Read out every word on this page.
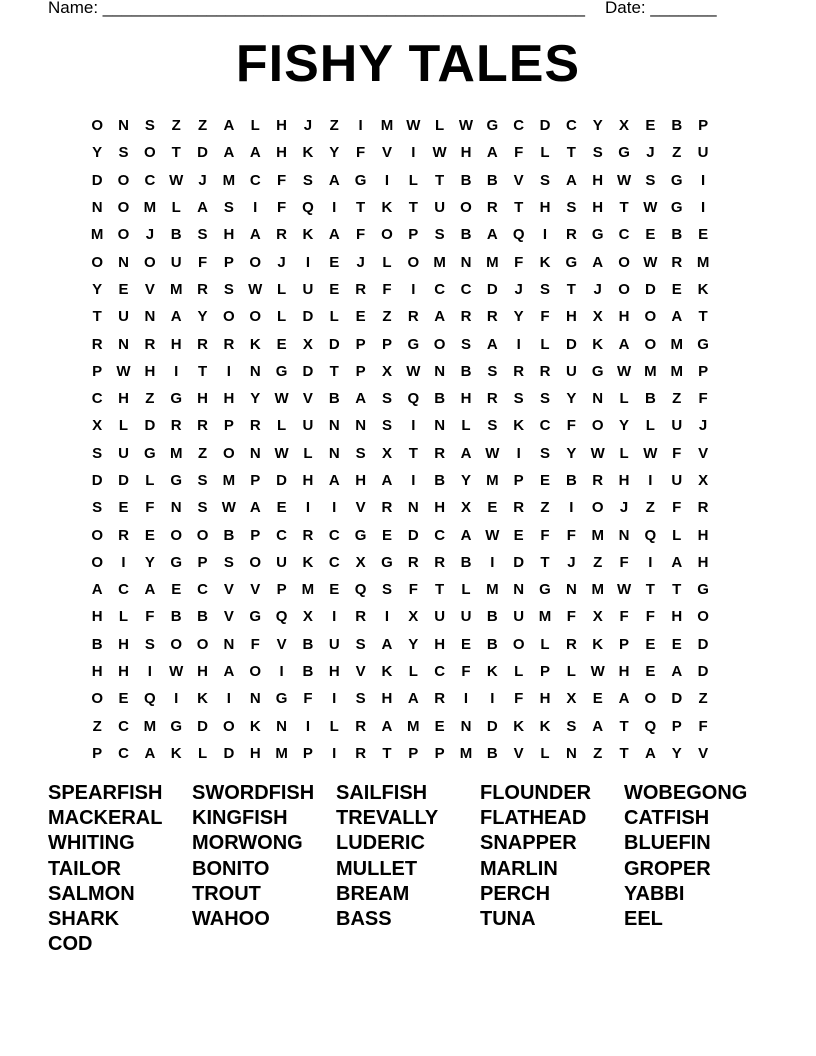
Name: ___________________________________________________ Date: _______
FISHY TALES
O	N	S	Z	Z	A	L	H	J	Z	I	M W L W G	C	D	C	Y	X	E	B	P
Y	S	O	T	D	A	A	H	K	Y	F	V	I	W H	A	F	L	T	S	G	J	Z	U
D	O	C W	J	M C	F	S	A	G	I	L	T	B	B	V	S	A	H W S	G	I
N	O M	L	A	S	I	F	Q	I	T	K	T	U	O	R	T	H	S	H	T W G	I
M O	J	B	S	H	A	R	K	A	F	O	P	S	B	A	Q	I	R	G	C	E	B	E
O	N	O	U	F	P	O	J	I	E	J	L	O M N M	F	K	G	A	O W R M
Y	E	V	M R	S W L	U	E	R	F	I	C	C	D	J	S	T	J	O	D	E	K
T	U	N	A	Y	O O	L	D	L	E	Z	R	A	R	R	Y	F	H	X	H	O	A	T
R	N	R	H	R	R	K	E	X	D	P	P	G O	S	A	I	L	D	K	A	O M G
P W H	I	T	I	N	G	D	T	P	X W N	B	S	R	R	U	G W M M	P
C	H	Z	G	H	H	Y W V	B	A	S	Q	B	H	R	S	S	Y	N	L	B	Z	F
X	L	D	R	R	P	R	L	U	N	N	S	I	N	L	S	K	C	F	O	Y	L	U	J
S	U	G M	Z	O	N W L	N	S	X	T	R	A W	I	S	Y W L W F	V
D	D	L	G	S	M	P	D	H	A	H	A	I	B	Y	M	P	E	B	R	H	I	U	X
S	E	F	N	S W A	E	I	I	V	R	N	H	X	E	R	Z	I	O	J	Z	F	R
O	R	E	O O	B	P	C	R	C	G	E	D	C	A W E	F	F	M N	Q	L	H
O	I	Y	G	P	S	O	U	K	C	X	G	R	R	B	I	D	T	J	Z	F	I	A	H
A	C	A	E	C	V	V	P	M	E	Q	S	F	T	L	M N	G	N M W T	T	G
H	L	F	B	B	V	G Q	X	I	R	I	X	U	U	B	U M	F	X	F	F	H	O
B	H	S	O O	N	F	V	B	U	S	A	Y	H	E	B	O	L	R	K	P	E	E	D
H	H	I	W H	A	O	I	B	H	V	K	L	C	F	K	L	P	L W H	E	A	D
O	E	Q	I	K	I	N	G	F	I	S	H	A	R	I	I	F	H	X	E	A	O	D	Z
Z	C M G	D	O	K	N	I	L	R	A M	E	N	D	K	K	S	A	T	Q	P	F
P	C	A	K	L	D	H M	P	I	R	T	P	P	M B	V	L	N	Z	T	A	Y	V
SPEARFISH	SWORDFISH	SAILFISH	FLOUNDER	WOBEGONG
MACKERAL	KINGFISH	TREVALLY	FLATHEAD	CATFISH
WHITING	MORWONG	LUDERIC	SNAPPER	BLUEFIN
TAILOR	BONITO	MULLET	MARLIN	GROPER
SALMON	TROUT	BREAM	PERCH	YABBI
SHARK	WAHOO	BASS	TUNA	EEL
COD
